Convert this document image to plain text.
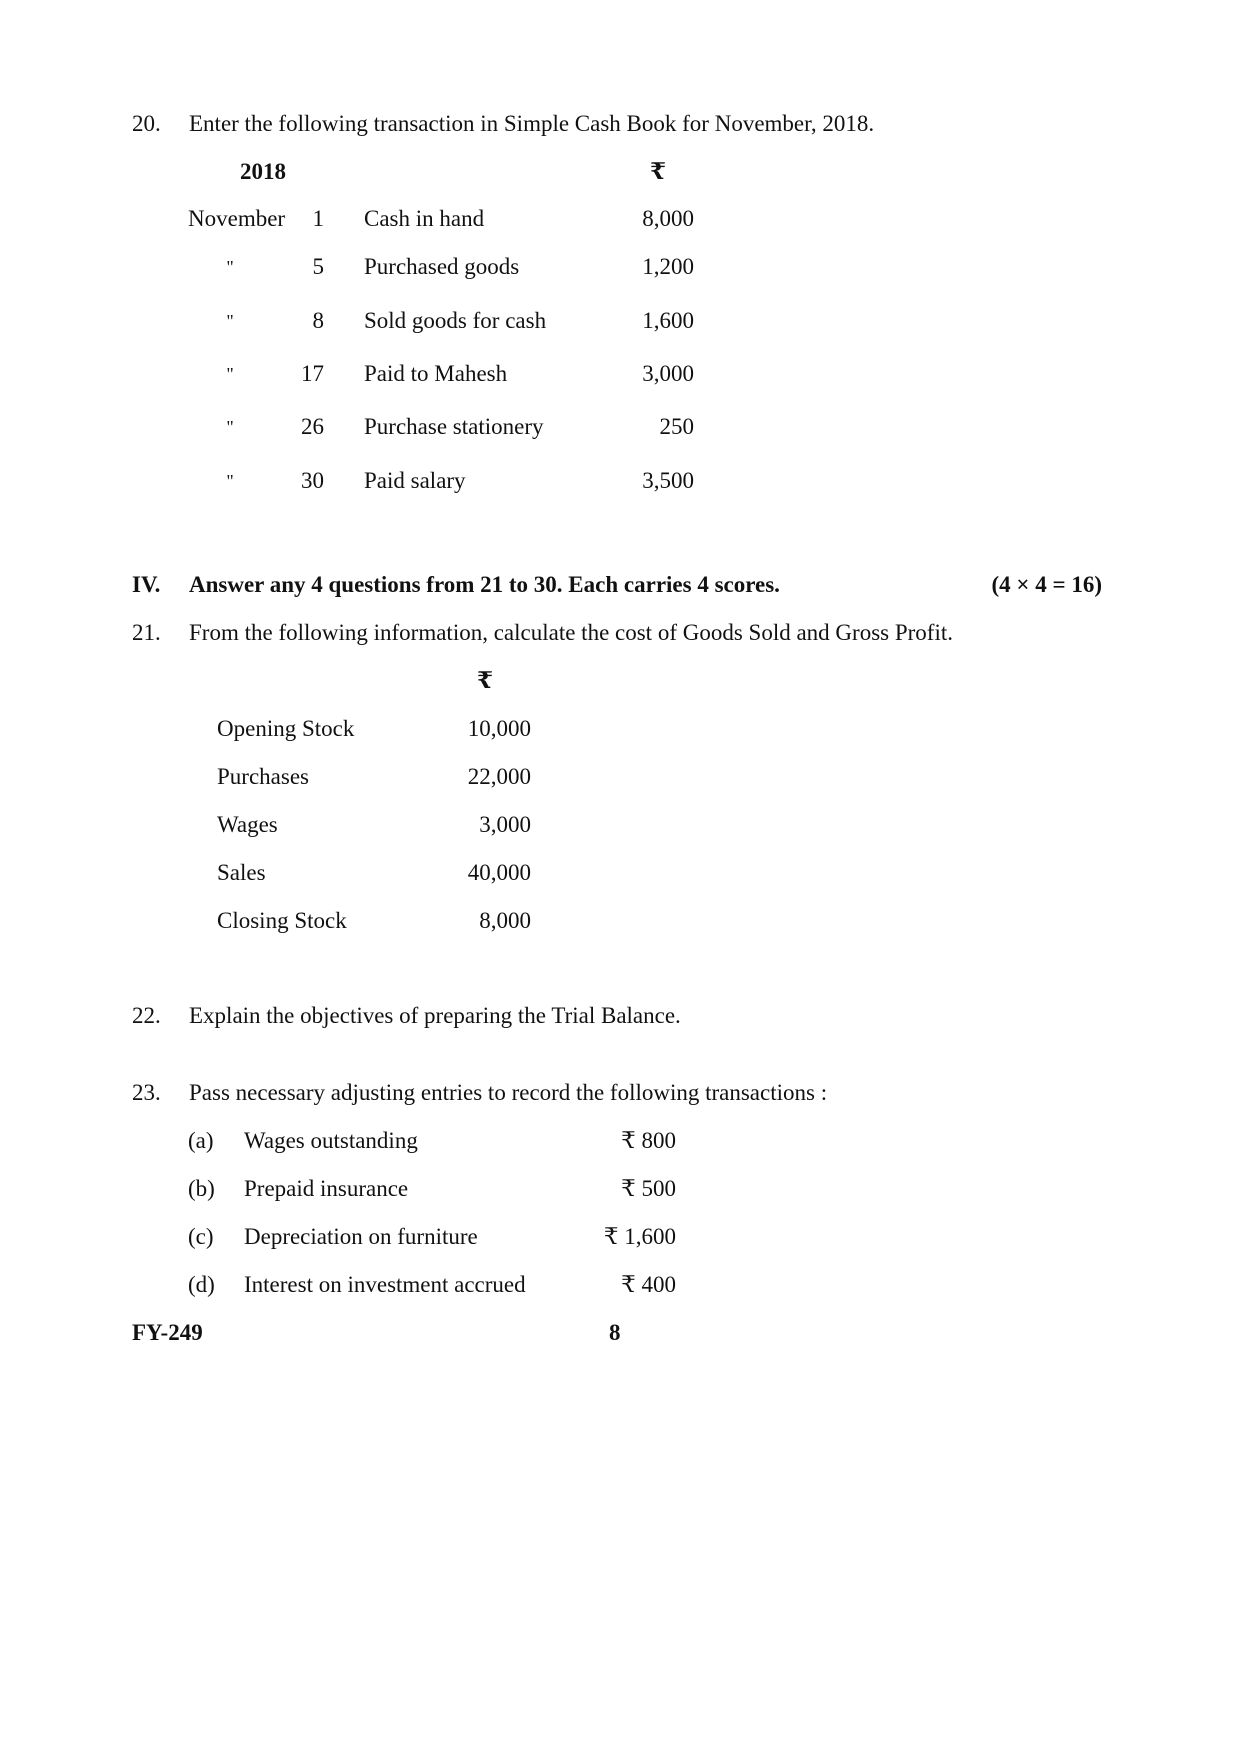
20. Enter the following transaction in Simple Cash Book for November, 2018.
2018	₹
November	1 Cash in hand	8,000
"	5 Purchased goods	1,200
"	8 Sold goods for cash	1,600
"	17 Paid to Mahesh	3,000
"	26 Purchase stationery	250
"	30 Paid salary	3,500
IV. Answer any 4 questions from 21 to 30. Each carries 4 scores.	(4 × 4 = 16)
21. From the following information, calculate the cost of Goods Sold and Gross Profit.
₹
Opening Stock	10,000
Purchases	22,000
Wages	3,000
Sales	40,000
Closing Stock	8,000
22. Explain the objectives of preparing the Trial Balance.
23. Pass necessary adjusting entries to record the following transactions :
(a) Wages outstanding	₹ 800
(b) Prepaid insurance	₹ 500
(c) Depreciation on furniture	₹ 1,600
(d) Interest on investment accrued	₹ 400
FY-249	8
